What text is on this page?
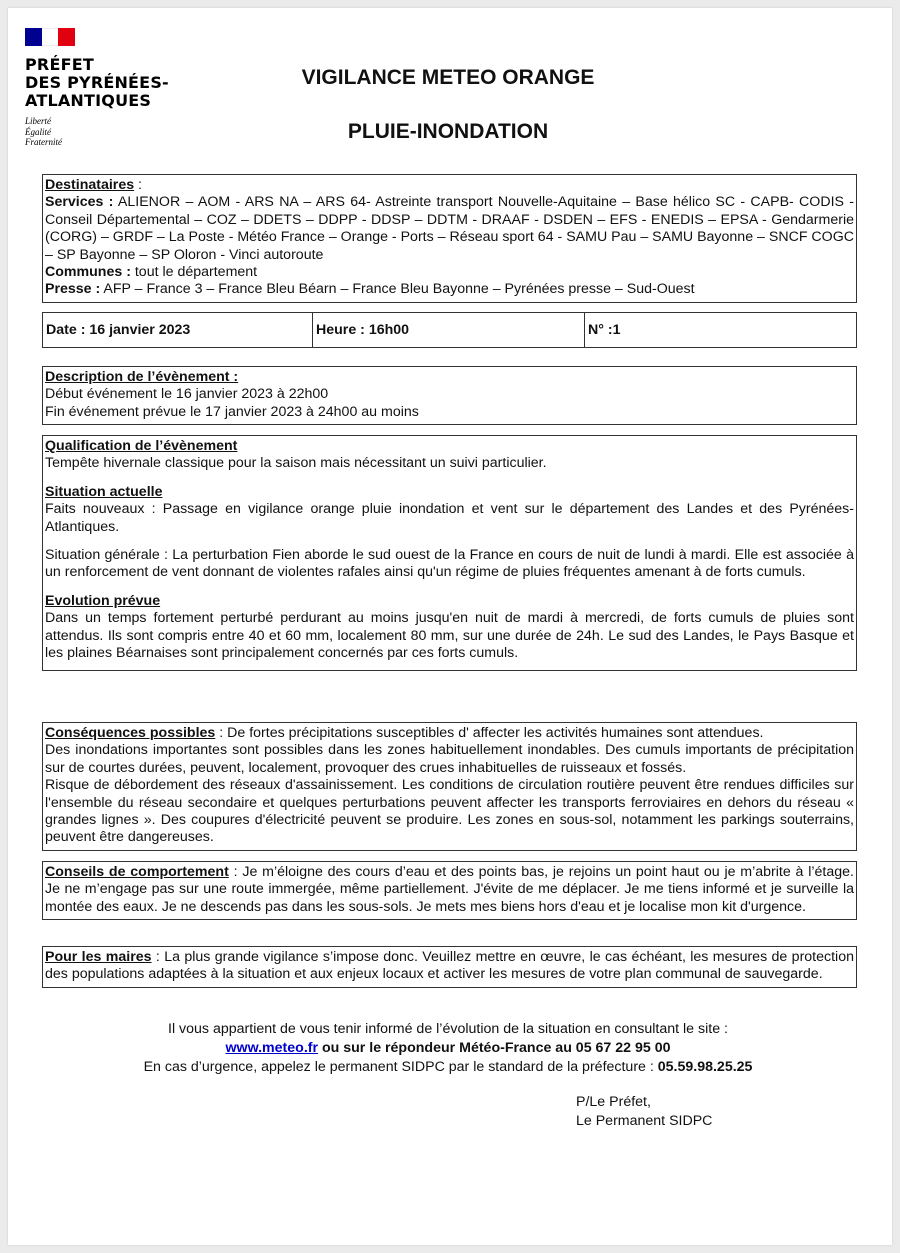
PRÉFET
DES PYRÉNÉES-
ATLANTIQUES
Liberté
Égalité
Fraternité
VIGILANCE METEO ORANGE
PLUIE-INONDATION

Destinataires :

Services : ALIENOR – AOM - ARS NA – ARS 64- Astreinte transport Nouvelle-Aquitaine – Base hélico SC - CAPB- CODIS - Conseil Départemental – COZ – DDETS – DDPP - DDSP – DDTM - DRAAF - DSDEN – EFS - ENEDIS – EPSA - Gendarmerie (CORG) – GRDF – La Poste - Météo France – Orange - Ports – Réseau sport 64 - SAMU Pau – SAMU Bayonne – SNCF COGC – SP Bayonne – SP Oloron - Vinci autoroute

Communes : tout le département

Presse : AFP – France 3 – France Bleu Béarn – France Bleu Bayonne – Pyrénées presse – Sud-Ouest

Date : 16 janvier 2023	Heure : 16h00	N° :1

Description de l’évènement :

Début événement le 16 janvier 2023 à 22h00

Fin événement prévue le 17 janvier 2023 à 24h00 au moins

Qualification de l’évènement

Tempête hivernale classique pour la saison mais nécessitant un suivi particulier.

Situation actuelle

Faits nouveaux : Passage en vigilance orange pluie inondation et vent sur le département des Landes et des Pyrénées-Atlantiques.

Situation générale : La perturbation Fien aborde le sud ouest de la France en cours de nuit de lundi à mardi. Elle est associée à un renforcement de vent donnant de violentes rafales ainsi qu'un régime de pluies fréquentes amenant à de forts cumuls.

Evolution prévue

Dans un temps fortement perturbé perdurant au moins jusqu'en nuit de mardi à mercredi, de forts cumuls de pluies sont attendus. Ils sont compris entre 40 et 60 mm, localement 80 mm, sur une durée de 24h. Le sud des Landes, le Pays Basque et les plaines Béarnaises sont principalement concernés par ces forts cumuls.

Conséquences possibles : De fortes précipitations susceptibles d' affecter les activités humaines sont attendues.

Des inondations importantes sont possibles dans les zones habituellement inondables. Des cumuls importants de précipitation sur de courtes durées, peuvent, localement, provoquer des crues inhabituelles de ruisseaux et fossés.

Risque de débordement des réseaux d'assainissement. Les conditions de circulation routière peuvent être rendues difficiles sur l'ensemble du réseau secondaire et quelques perturbations peuvent affecter les transports ferroviaires en dehors du réseau « grandes lignes ». Des coupures d'électricité peuvent se produire. Les zones en sous-sol, notamment les parkings souterrains, peuvent être dangereuses.

Conseils de comportement : Je m’éloigne des cours d’eau et des points bas, je rejoins un point haut ou je m’abrite à l’étage. Je ne m’engage pas sur une route immergée, même partiellement. J'évite de me déplacer. Je me tiens informé et je surveille la montée des eaux. Je ne descends pas dans les sous-sols. Je mets mes biens hors d'eau et je localise mon kit d'urgence.

Pour les maires : La plus grande vigilance s’impose donc. Veuillez mettre en œuvre, le cas échéant, les mesures de protection des populations adaptées à la situation et aux enjeux locaux et activer les mesures de votre plan communal de sauvegarde.

Il vous appartient de vous tenir informé de l’évolution de la situation en consultant le site :
www.meteo.fr ou sur le répondeur Météo-France au 05 67 22 95 00
En cas d’urgence, appelez le permanent SIDPC par le standard de la préfecture : 05.59.98.25.25
P/Le Préfet,
Le Permanent SIDPC
